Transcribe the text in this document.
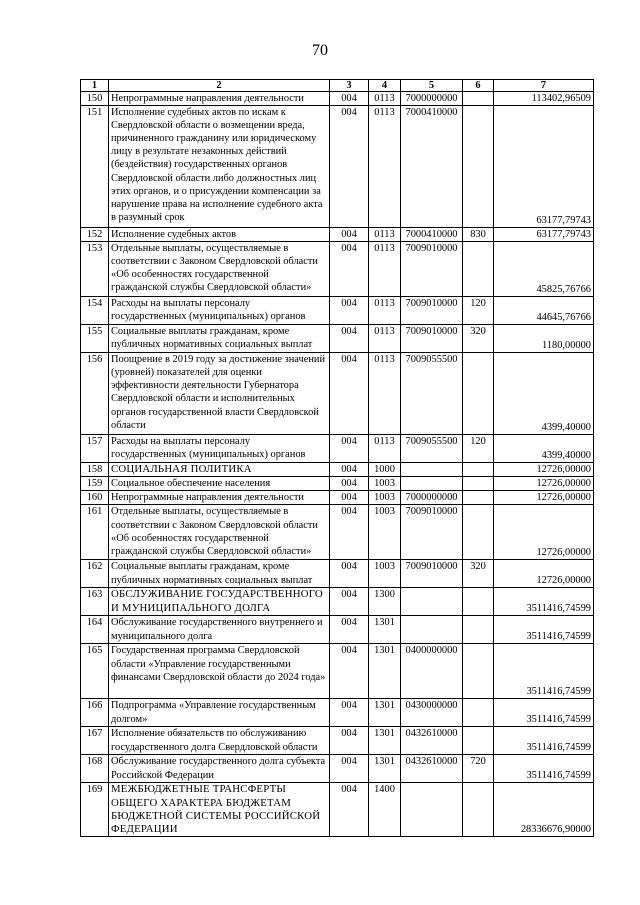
70
1	2	3	4	5	6	7
150	Непрограммные направления деятельности	004	0113	7000000000		113402,96509
151	Исполнение судебных актов по искам к Свердловской области о возмещении вреда, причиненного гражданину или юридическому лицу в результате незаконных действий (бездействия) государственных органов Свердловской области либо должностных лиц этих органов, и о присуждении компенсации за нарушение права на исполнение судебного акта в разумный срок	004	0113	7000410000		63177,79743
152	Исполнение судебных актов	004	0113	7000410000	830	63177,79743
153	Отдельные выплаты, осуществляемые в соответствии с Законом Свердловской области «Об особенностях государственной гражданской службы Свердловской области»	004	0113	7009010000		45825,76766
154	Расходы на выплаты персоналу государственных (муниципальных) органов	004	0113	7009010000	120	44645,76766
155	Социальные выплаты гражданам, кроме публичных нормативных социальных выплат	004	0113	7009010000	320	1180,00000
156	Поощрение в 2019 году за достижение значений (уровней) показателей для оценки эффективности деятельности Губернатора Свердловской области и исполнительных органов государственной власти Свердловской области	004	0113	7009055500		4399,40000
157	Расходы на выплаты персоналу государственных (муниципальных) органов	004	0113	7009055500	120	4399,40000
158	СОЦИАЛЬНАЯ ПОЛИТИКА	004	1000			12726,00000
159	Социальное обеспечение населения	004	1003			12726,00000
160	Непрограммные направления деятельности	004	1003	7000000000		12726,00000
161	Отдельные выплаты, осуществляемые в соответствии с Законом Свердловской области «Об особенностях государственной гражданской службы Свердловской области»	004	1003	7009010000		12726,00000
162	Социальные выплаты гражданам, кроме публичных нормативных социальных выплат	004	1003	7009010000	320	12726,00000
163	ОБСЛУЖИВАНИЕ ГОСУДАРСТВЕННОГО И МУНИЦИПАЛЬНОГО ДОЛГА	004	1300			3511416,74599
164	Обслуживание государственного внутреннего и муниципального долга	004	1301			3511416,74599
165	Государственная программа Свердловской области «Управление государственными финансами Свердловской области до 2024 года»	004	1301	0400000000		3511416,74599
166	Подпрограмма «Управление государственным долгом»	004	1301	0430000000		3511416,74599
167	Исполнение обязательств по обслуживанию государственного долга Свердловской области	004	1301	0432610000		3511416,74599
168	Обслуживание государственного долга субъекта Российской Федерации	004	1301	0432610000	720	3511416,74599
169	МЕЖБЮДЖЕТНЫЕ ТРАНСФЕРТЫ ОБЩЕГО ХАРАКТЕРА БЮДЖЕТАМ БЮДЖЕТНОЙ СИСТЕМЫ РОССИЙСКОЙ ФЕДЕРАЦИИ	004	1400			28336676,90000
